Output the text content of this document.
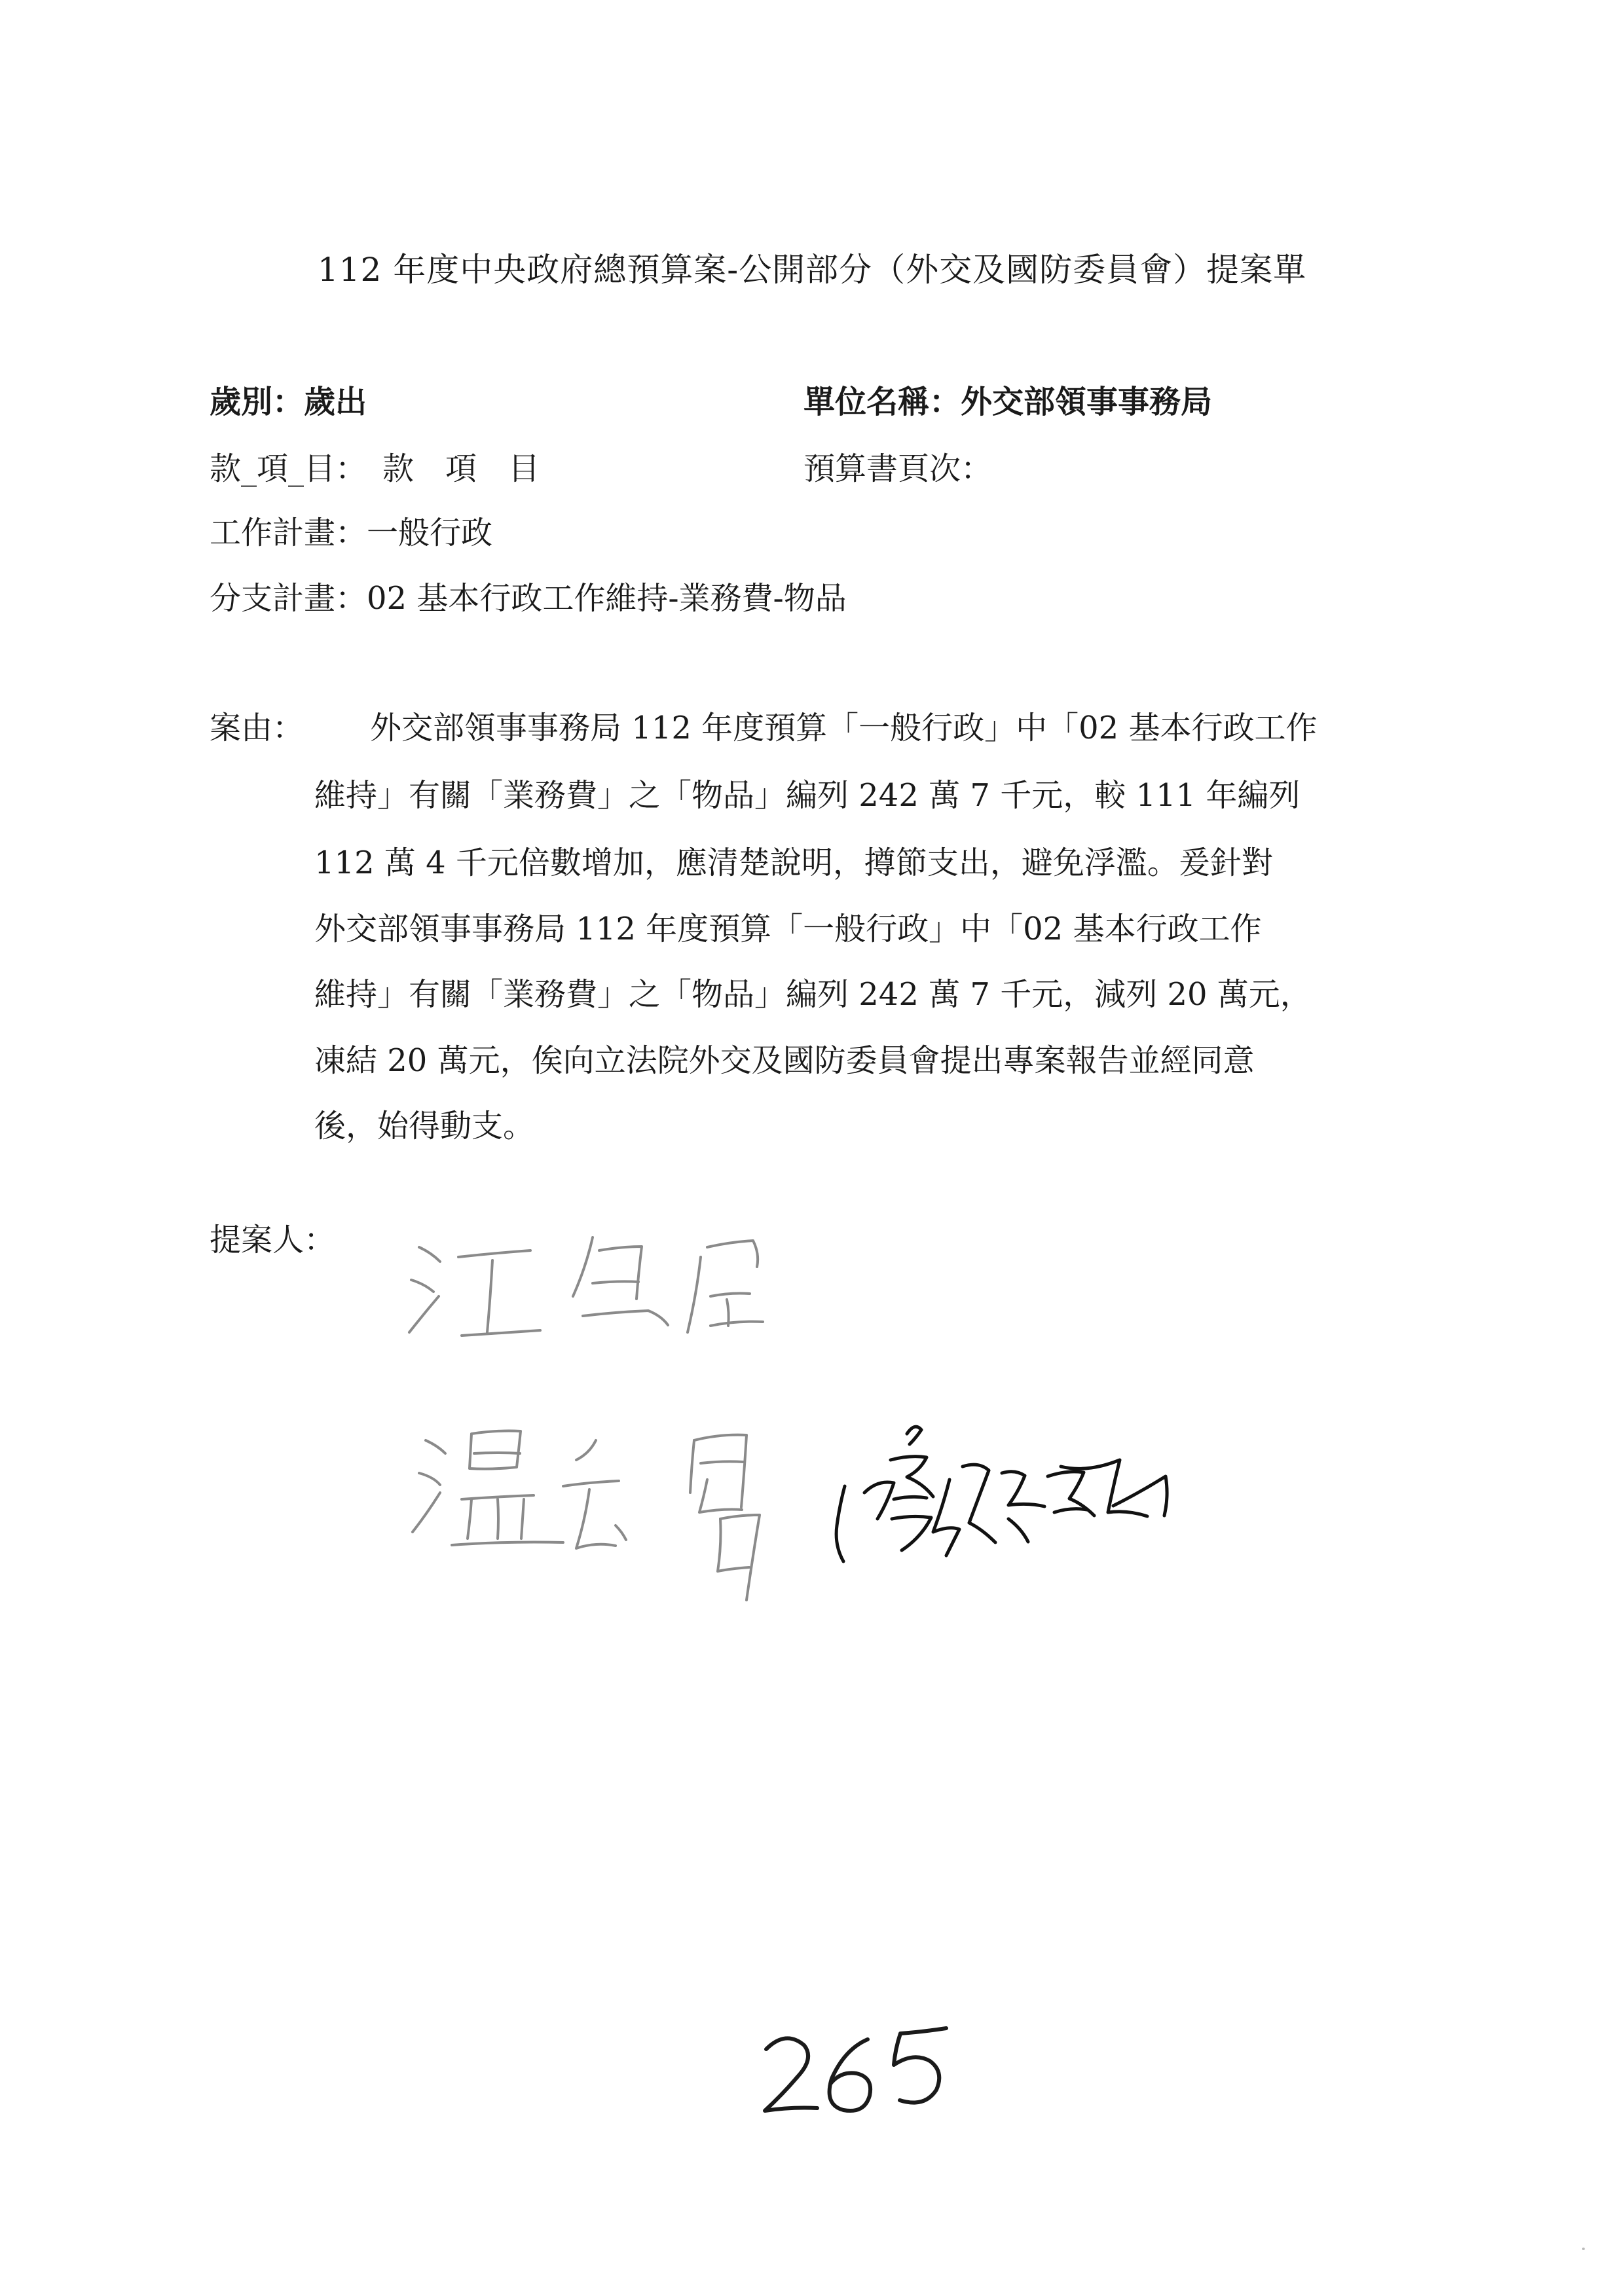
112 年度中央政府總預算案-公開部分（外交及國防委員會）提案單
歲別：歲出	單位名稱：外交部領事事務局
款_項_目：　款　項　目	預算書頁次：
工作計畫：一般行政
分支計畫：02 基本行政工作維持-業務費-物品
案由： 外交部領事事務局 112 年度預算「一般行政」中「02 基本行政工作
維持」有關「業務費」之「物品」編列 242 萬 7 千元，較 111 年編列
112 萬 4 千元倍數增加，應清楚說明，撙節支出，避免浮濫。爰針對
外交部領事事務局 112 年度預算「一般行政」中「02 基本行政工作
維持」有關「業務費」之「物品」編列 242 萬 7 千元，減列 20 萬元，
凍結 20 萬元，俟向立法院外交及國防委員會提出專案報告並經同意
後，始得動支。
提案人：
265
